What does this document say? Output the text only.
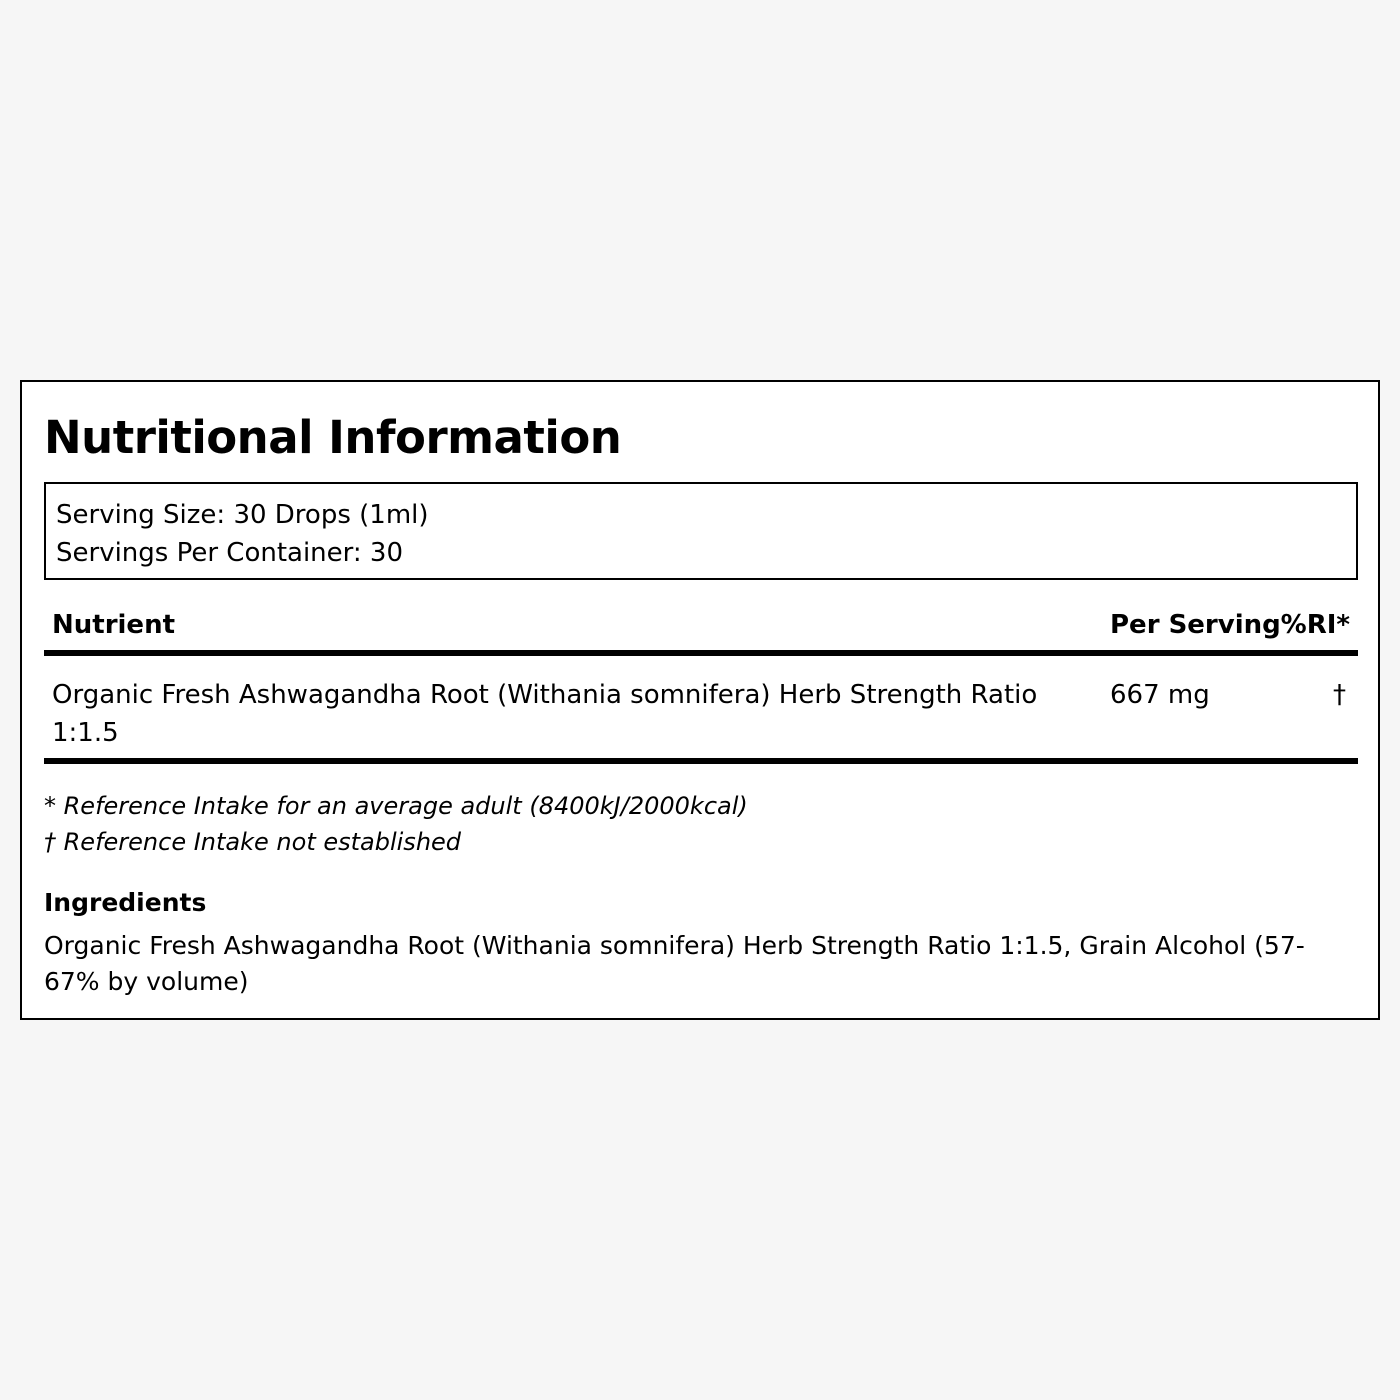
Nutritional Information
Serving Size: 30 Drops (1ml)
Servings Per Container: 30
Nutrient	Per Serving %RI*
Organic Fresh Ashwagandha Root (Withania somnifera) Herb Strength Ratio 1:1.5
667 mg	†
* Reference Intake for an average adult (8400kJ/2000kcal)
† Reference Intake not established
Ingredients
Organic Fresh Ashwagandha Root (Withania somnifera) Herb Strength Ratio 1:1.5, Grain Alcohol (57-67% by volume)
